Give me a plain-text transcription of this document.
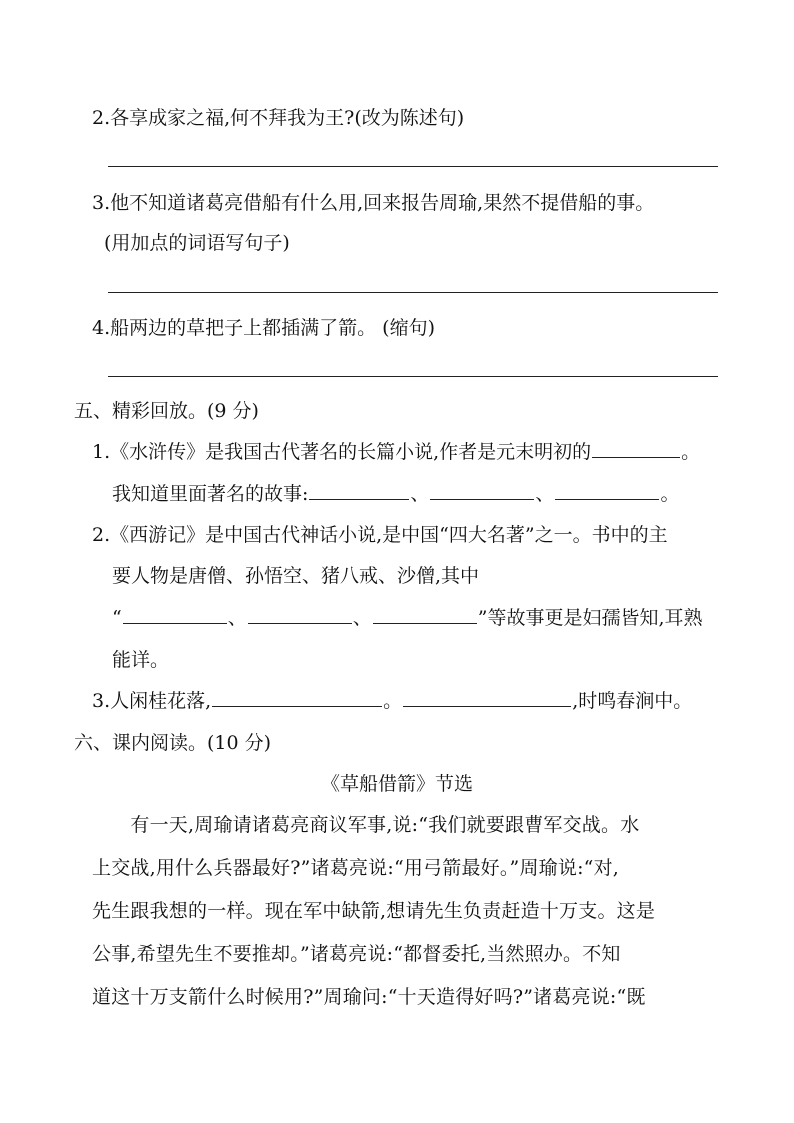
2.各享成家之福,何不拜我为王?(改为陈述句)
3.他不知道诸葛亮借船有什么用,回来报告周瑜,果然不提借船的事。
(用加点的词语写句子)
4.船两边的草把子上都插满了箭。 (缩句)
五、精彩回放。(9 分)
1.《水浒传》是我国古代著名的长篇小说,作者是元末明初的	。
我知道里面著名的故事:	、	、	。
2.《西游记》是中国古代神话小说,是中国“四大名著”之一。书中的主
要人物是唐僧、孙悟空、猪八戒、沙僧,其中
“	、	、	”等故事更是妇孺皆知,耳熟
能详。
3.人闲桂花落,	。	,时鸣春涧中。
六、课内阅读。(10 分)
《草船借箭》节选
　　有一天,周瑜请诸葛亮商议军事,说:“我们就要跟曹军交战。水
上交战,用什么兵器最好?”诸葛亮说:“用弓箭最好。”周瑜说:“对,
先生跟我想的一样。现在军中缺箭,想请先生负责赶造十万支。这是
公事,希望先生不要推却。”诸葛亮说:“都督委托,当然照办。不知
道这十万支箭什么时候用?”周瑜问:“十天造得好吗?”诸葛亮说:“既
